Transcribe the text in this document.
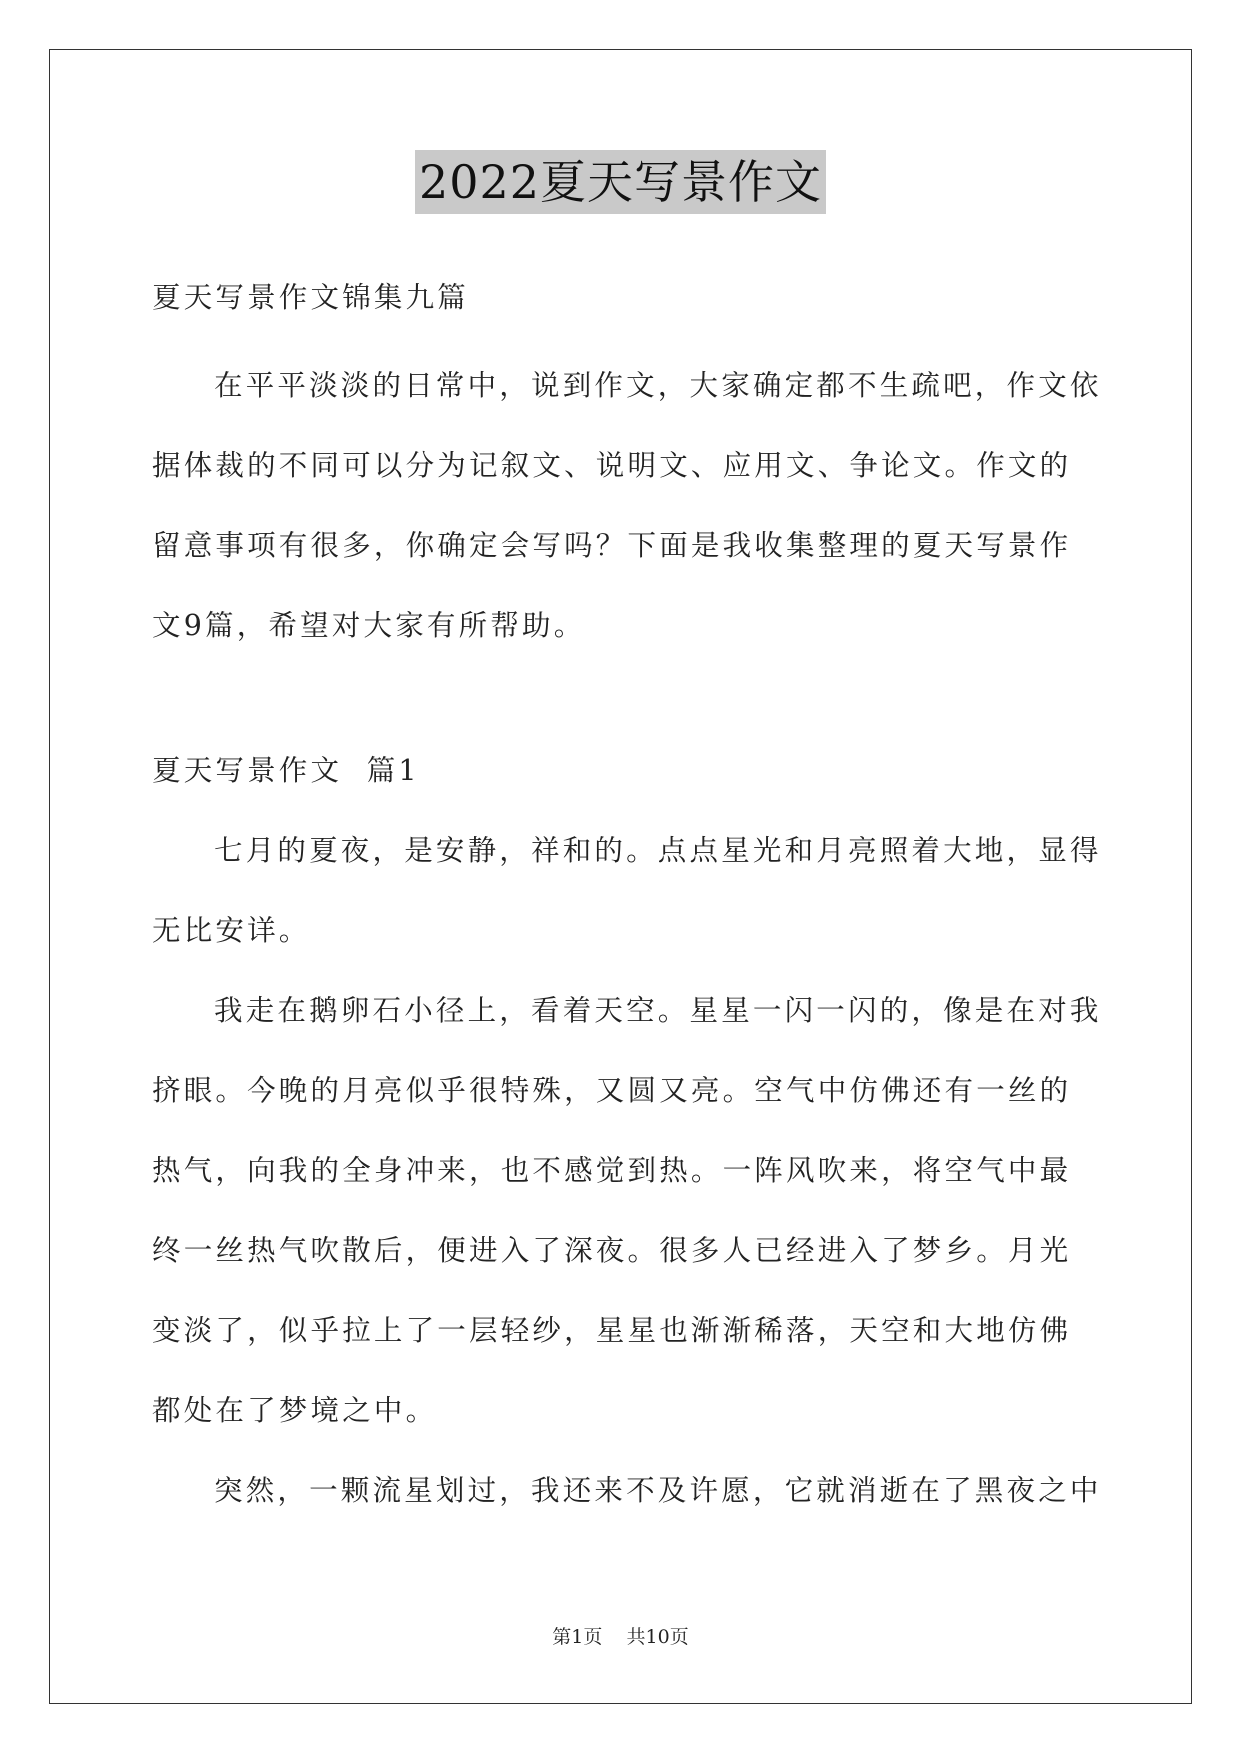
2022夏天写景作文

夏天写景作文锦集九篇

在平平淡淡的日常中，说到作文，大家确定都不生疏吧，作文依据体裁的不同可以分为记叙文、说明文、应用文、争论文。作文的留意事项有很多，你确定会写吗？下面是我收集整理的夏天写景作文9篇，希望对大家有所帮助。

夏天写景作文  篇1

七月的夏夜，是安静，祥和的。点点星光和月亮照着大地，显得无比安详。

我走在鹅卵石小径上，看着天空。星星一闪一闪的，像是在对我挤眼。今晚的月亮似乎很特殊，又圆又亮。空气中仿佛还有一丝的热气，向我的全身冲来，也不感觉到热。一阵风吹来，将空气中最终一丝热气吹散后，便进入了深夜。很多人已经进入了梦乡。月光变淡了，似乎拉上了一层轻纱，星星也渐渐稀落，天空和大地仿佛都处在了梦境之中。

突然，一颗流星划过，我还来不及许愿，它就消逝在了黑夜之中

第1页 共10页
